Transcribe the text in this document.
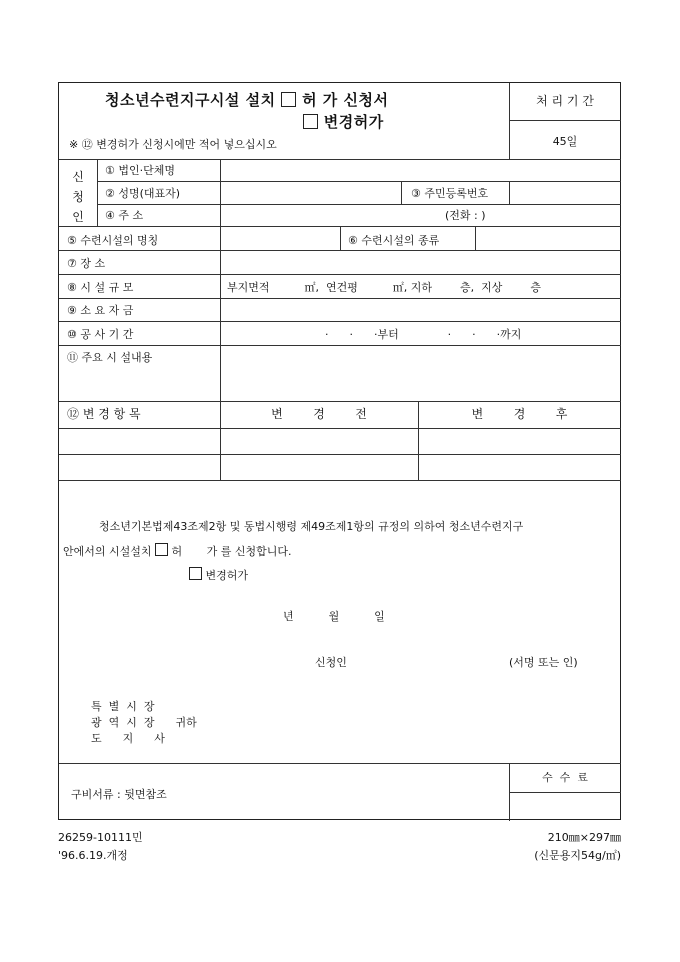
청소년수련지구시설 설치 허 가 신청서
변경허가
※ ⑫ 변경허가 신청시에만 적어 넣으십시오
처 리 기 간
45일
신
청
인
① 법인·단체명
② 성명(대표자)	③ 주민등록번호
④ 주 소	(전화 : )
⑤ 수련시설의 명칭	⑥ 수련시설의 종류
⑦ 장 소
⑧ 시 설 규 모	부지면적          ㎡,  연건평          ㎡, 지하        층,  지상        층
⑨ 소 요 자 금
⑩ 공 사 기 간	·      ·      ·부터              ·      ·      ·까지
⑪ 주요 시 설내용
⑫ 변 경 항 목	변        경        전	변        경        후
청소년기본법제43조제2항 및 동법시행령 제49조제1항의 규정의 의하여 청소년수련지구
안에서의 시설설치 허       가 를 신청합니다.
변경허가
년          월          일
신청인	(서명 또는 인)
특  별  시  장
광  역  시  장      귀하
도      지      사
구비서류 : 뒷면참조
수  수  료
26259-10111민
'96.6.19.개정
210㎜×297㎜
(신문용지54g/㎡)
